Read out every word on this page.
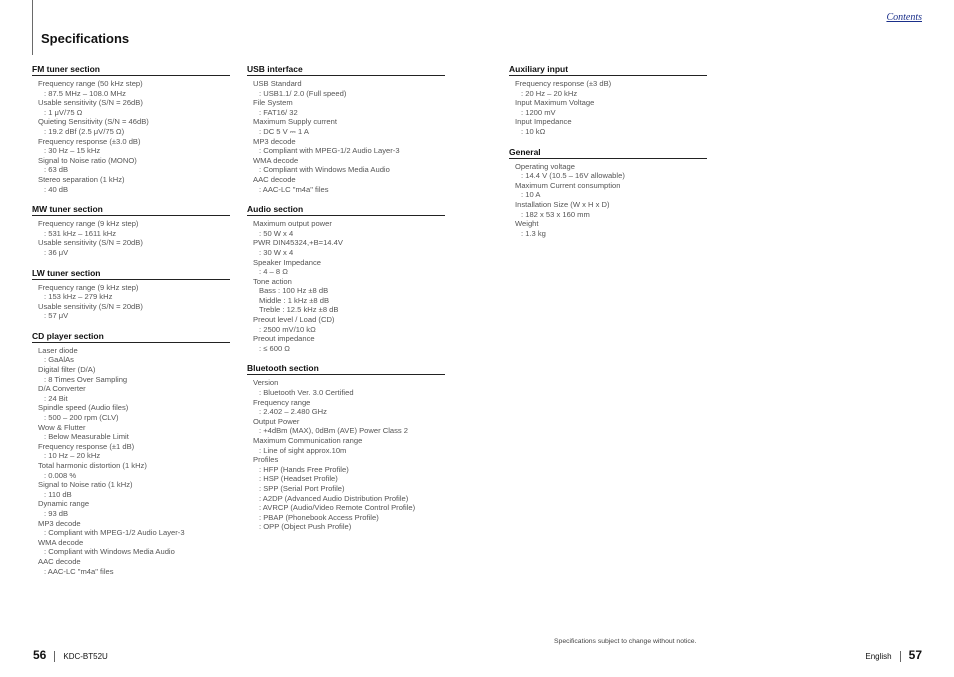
Specifications
Contents
FM tuner section
Frequency range (50 kHz step)
: 87.5 MHz – 108.0 MHz
Usable sensitivity (S/N = 26dB)
: 1 μV/75 Ω
Quieting Sensitivity (S/N = 46dB)
: 19.2 dBf (2.5 μV/75 Ω)
Frequency response (±3.0 dB)
: 30 Hz – 15 kHz
Signal to Noise ratio (MONO)
: 63 dB
Stereo separation (1 kHz)
: 40 dB
MW tuner section
Frequency range (9 kHz step)
: 531 kHz – 1611 kHz
Usable sensitivity (S/N = 20dB)
: 36 μV
LW tuner section
Frequency range (9 kHz step)
: 153 kHz – 279 kHz
Usable sensitivity (S/N = 20dB)
: 57 μV
CD player section
Laser diode
: GaAlAs
Digital filter (D/A)
: 8 Times Over Sampling
D/A Converter
: 24 Bit
Spindle speed (Audio files)
: 500 – 200 rpm (CLV)
Wow & Flutter
: Below Measurable Limit
Frequency response (±1 dB)
: 10 Hz – 20 kHz
Total harmonic distortion (1 kHz)
: 0.008 %
Signal to Noise ratio (1 kHz)
: 110 dB
Dynamic range
: 93 dB
MP3 decode
: Compliant with MPEG-1/2 Audio Layer-3
WMA decode
: Compliant with Windows Media Audio
AAC decode
: AAC-LC "m4a" files
USB interface
USB Standard
: USB1.1/ 2.0 (Full speed)
File System
: FAT16/ 32
Maximum Supply current
: DC 5 V ⎓ 1 A
MP3 decode
: Compliant with MPEG-1/2 Audio Layer-3
WMA decode
: Compliant with Windows Media Audio
AAC decode
: AAC-LC "m4a" files
Audio section
Maximum output power
: 50 W x 4
PWR DIN45324,+B=14.4V
: 30 W x 4
Speaker Impedance
: 4 – 8 Ω
Tone action
Bass : 100 Hz ±8 dB
Middle : 1 kHz ±8 dB
Treble : 12.5 kHz ±8 dB
Preout level / Load (CD)
: 2500 mV/10 kΩ
Preout impedance
: ≤ 600 Ω
Bluetooth section
Version
: Bluetooth Ver. 3.0 Certified
Frequency range
: 2.402 – 2.480 GHz
Output Power
: +4dBm (MAX), 0dBm (AVE) Power Class 2
Maximum Communication range
: Line of sight approx.10m
Profiles
: HFP (Hands Free Profile)
: HSP (Headset Profile)
: SPP (Serial Port Profile)
: A2DP (Advanced Audio Distribution Profile)
: AVRCP (Audio/Video Remote Control Profile)
: PBAP (Phonebook Access Profile)
: OPP (Object Push Profile)
Auxiliary input
Frequency response (±3 dB)
: 20 Hz – 20 kHz
Input Maximum Voltage
: 1200 mV
Input Impedance
: 10 kΩ
General
Operating voltage
: 14.4 V (10.5 – 16V allowable)
Maximum Current consumption
: 10 A
Installation Size (W x H x D)
: 182 x 53 x 160 mm
Weight
: 1.3 kg
Specifications subject to change without notice.
56 KDC-BT52U	English 57
